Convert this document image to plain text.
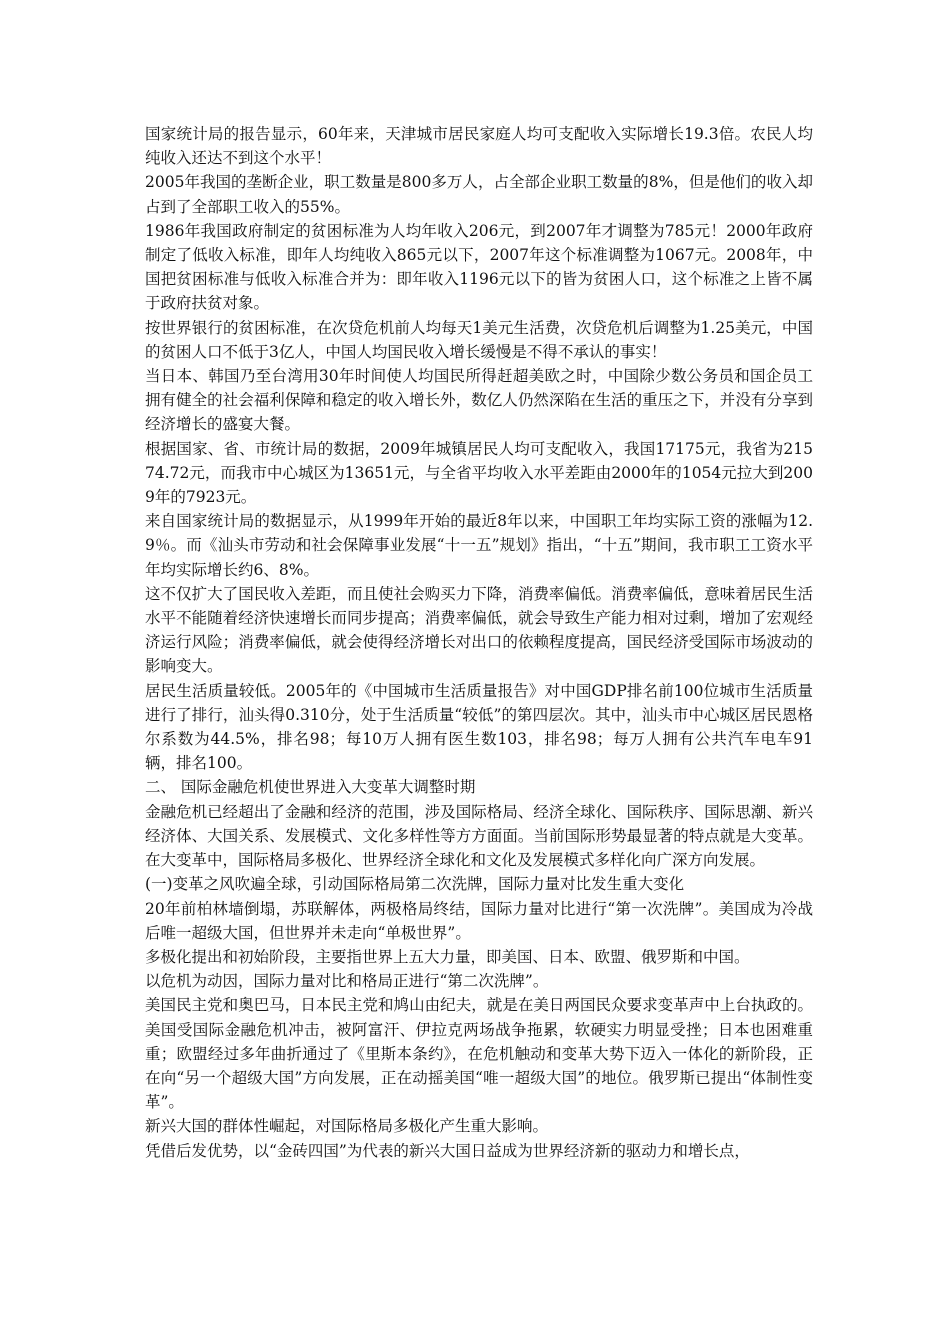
国家统计局的报告显示，60年来，天津城市居民家庭人均可支配收入实际增长19.3倍。农民人均纯收入还达不到这个水平！

2005年我国的垄断企业，职工数量是800多万人，占全部企业职工数量的8%，但是他们的收入却占到了全部职工收入的55%。

1986年我国政府制定的贫困标准为人均年收入206元，到2007年才调整为785元！2000年政府制定了低收入标准，即年人均纯收入865元以下，2007年这个标准调整为1067元。2008年，中国把贫困标准与低收入标准合并为：即年收入1196元以下的皆为贫困人口，这个标准之上皆不属于政府扶贫对象。

按世界银行的贫困标准，在次贷危机前人均每天1美元生活费，次贷危机后调整为1.25美元，中国的贫困人口不低于3亿人，中国人均国民收入增长缓慢是不得不承认的事实！

当日本、韩国乃至台湾用30年时间使人均国民所得赶超美欧之时，中国除少数公务员和国企员工拥有健全的社会福利保障和稳定的收入增长外，数亿人仍然深陷在生活的重压之下，并没有分享到经济增长的盛宴大餐。

根据国家、省、市统计局的数据，2009年城镇居民人均可支配收入，我国17175元，我省为21574.72元，而我市中心城区为13651元，与全省平均收入水平差距由2000年的1054元拉大到2009年的7923元。

来自国家统计局的数据显示，从1999年开始的最近8年以来，中国职工年均实际工资的涨幅为12.9％。而《汕头市劳动和社会保障事业发展“十一五”规划》指出，“十五”期间，我市职工工资水平年均实际增长约6、8%。

这不仅扩大了国民收入差距，而且使社会购买力下降，消费率偏低。消费率偏低，意味着居民生活水平不能随着经济快速增长而同步提高；消费率偏低，就会导致生产能力相对过剩，增加了宏观经济运行风险；消费率偏低，就会使得经济增长对出口的依赖程度提高，国民经济受国际市场波动的影响变大。

居民生活质量较低。2005年的《中国城市生活质量报告》对中国GDP排名前100位城市生活质量进行了排行，汕头得0.310分，处于生活质量“较低”的第四层次。其中，汕头市中心城区居民恩格尔系数为44.5%，排名98；每10万人拥有医生数103，排名98；每万人拥有公共汽车电车91辆，排名100。

二、 国际金融危机使世界进入大变革大调整时期

金融危机已经超出了金融和经济的范围，涉及国际格局、经济全球化、国际秩序、国际思潮、新兴经济体、大国关系、发展模式、文化多样性等方方面面。当前国际形势最显著的特点就是大变革。在大变革中，国际格局多极化、世界经济全球化和文化及发展模式多样化向广深方向发展。

(一)变革之风吹遍全球，引动国际格局第二次洗牌，国际力量对比发生重大变化

20年前柏林墙倒塌，苏联解体，两极格局终结，国际力量对比进行“第一次洗牌”。美国成为冷战后唯一超级大国，但世界并未走向“单极世界”。

多极化提出和初始阶段，主要指世界上五大力量，即美国、日本、欧盟、俄罗斯和中国。

以危机为动因，国际力量对比和格局正进行“第二次洗牌”。

美国民主党和奥巴马，日本民主党和鸠山由纪夫，就是在美日两国民众要求变革声中上台执政的。美国受国际金融危机冲击，被阿富汗、伊拉克两场战争拖累，软硬实力明显受挫；日本也困难重重；欧盟经过多年曲折通过了《里斯本条约》，在危机触动和变革大势下迈入一体化的新阶段，正在向“另一个超级大国”方向发展，正在动摇美国“唯一超级大国”的地位。俄罗斯已提出“体制性变革”。

新兴大国的群体性崛起，对国际格局多极化产生重大影响。

凭借后发优势，以“金砖四国”为代表的新兴大国日益成为世界经济新的驱动力和增长点，
